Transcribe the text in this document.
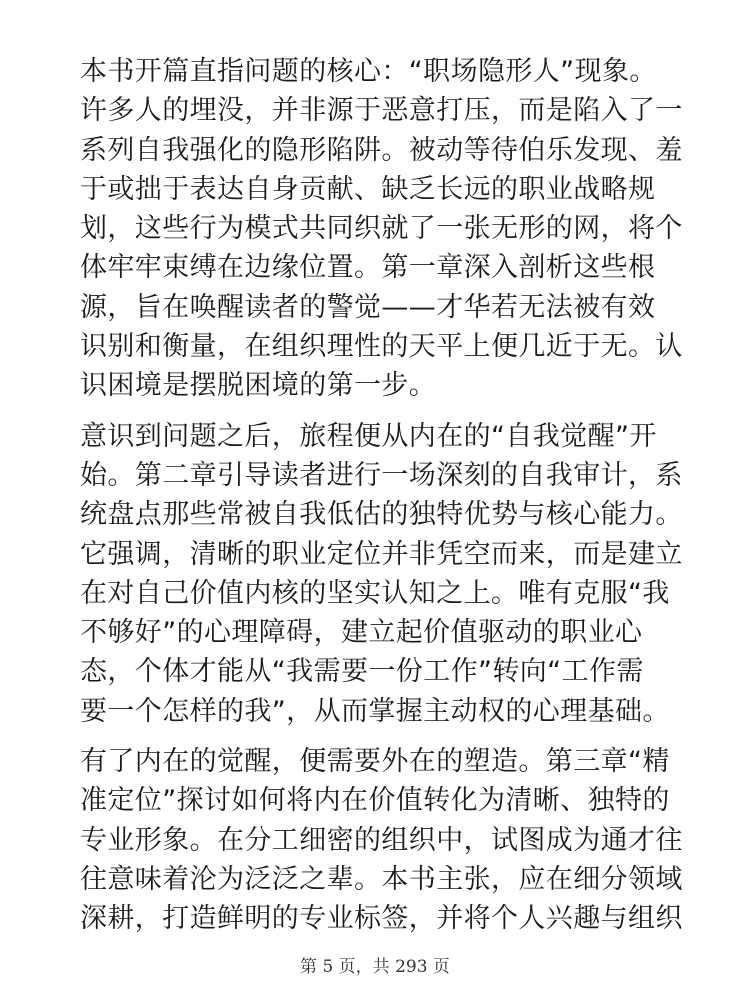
本书开篇直指问题的核心：“职场隐形人”现象。
许多人的埋没，并非源于恶意打压，而是陷入了一
系列自我强化的隐形陷阱。被动等待伯乐发现、羞
于或拙于表达自身贡献、缺乏长远的职业战略规
划，这些行为模式共同织就了一张无形的网，将个
体牢牢束缚在边缘位置。第一章深入剖析这些根
源，旨在唤醒读者的警觉——才华若无法被有效
识别和衡量，在组织理性的天平上便几近于无。认
识困境是摆脱困境的第一步。

意识到问题之后，旅程便从内在的“自我觉醒”开
始。第二章引导读者进行一场深刻的自我审计，系
统盘点那些常被自我低估的独特优势与核心能力。
它强调，清晰的职业定位并非凭空而来，而是建立
在对自己价值内核的坚实认知之上。唯有克服“我
不够好”的心理障碍，建立起价值驱动的职业心
态，个体才能从“我需要一份工作”转向“工作需
要一个怎样的我”，从而掌握主动权的心理基础。

有了内在的觉醒，便需要外在的塑造。第三章“精
准定位”探讨如何将内在价值转化为清晰、独特的
专业形象。在分工细密的组织中，试图成为通才往
往意味着沦为泛泛之辈。本书主张，应在细分领域
深耕，打造鲜明的专业标签，并将个人兴趣与组织

第 5 页，共 293 页
